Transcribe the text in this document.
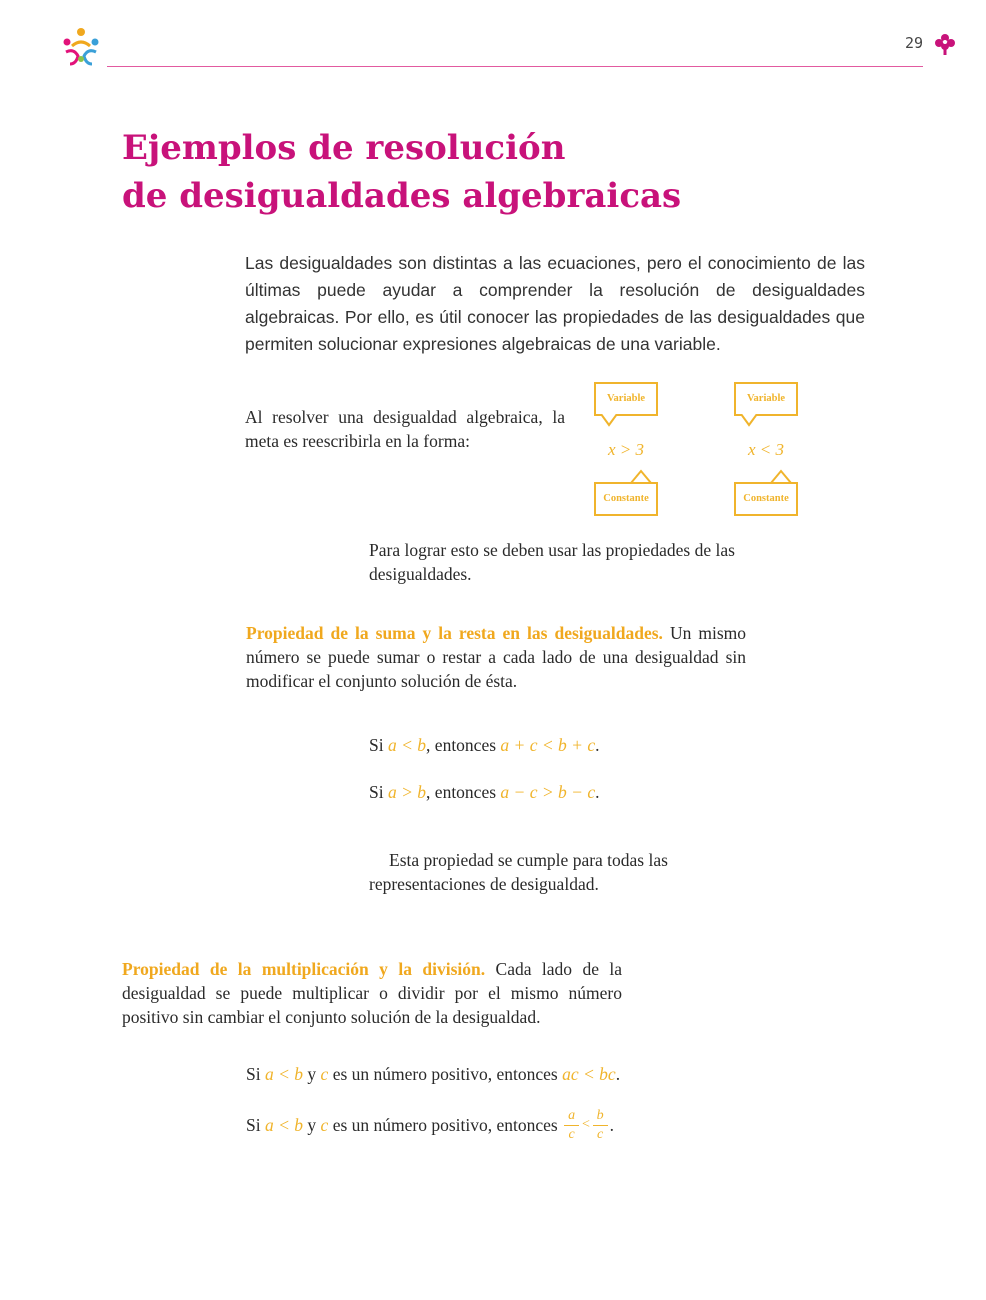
29
Ejemplos de resolución
de desigualdades algebraicas

Las desigualdades son distintas a las ecuaciones, pero el conocimiento de las últimas puede ayudar a comprender la resolución de desigualdades algebraicas. Por ello, es útil conocer las propiedades de las desigualdades que permiten solucionar expresiones algebraicas de una variable.

Al resolver una desigualdad algebraica, la meta es reescribirla en la forma:

Variable
x > 3
Constante
Variable
x < 3
Constante

Para lograr esto se deben usar las propiedades de las desigualdades.

Propiedad de la suma y la resta en las desigualdades. Un mismo número se puede sumar o restar a cada lado de una desigualdad sin modificar el conjunto solución de ésta.

Si a < b, entonces a + c < b + c.

Si a > b, entonces a − c > b − c.

Esta propiedad se cumple para todas las representaciones de desigualdad.

Propiedad de la multiplicación y la división. Cada lado de la desigualdad se puede multiplicar o dividir por el mismo número positivo sin cambiar el conjunto solución de la desigualdad.

Si a < b y c es un número positivo, entonces ac < bc.

Si
a < b
y
c
es un número positivo, entonces
$\frac{a}{c} < \frac{b}{c}$ .
